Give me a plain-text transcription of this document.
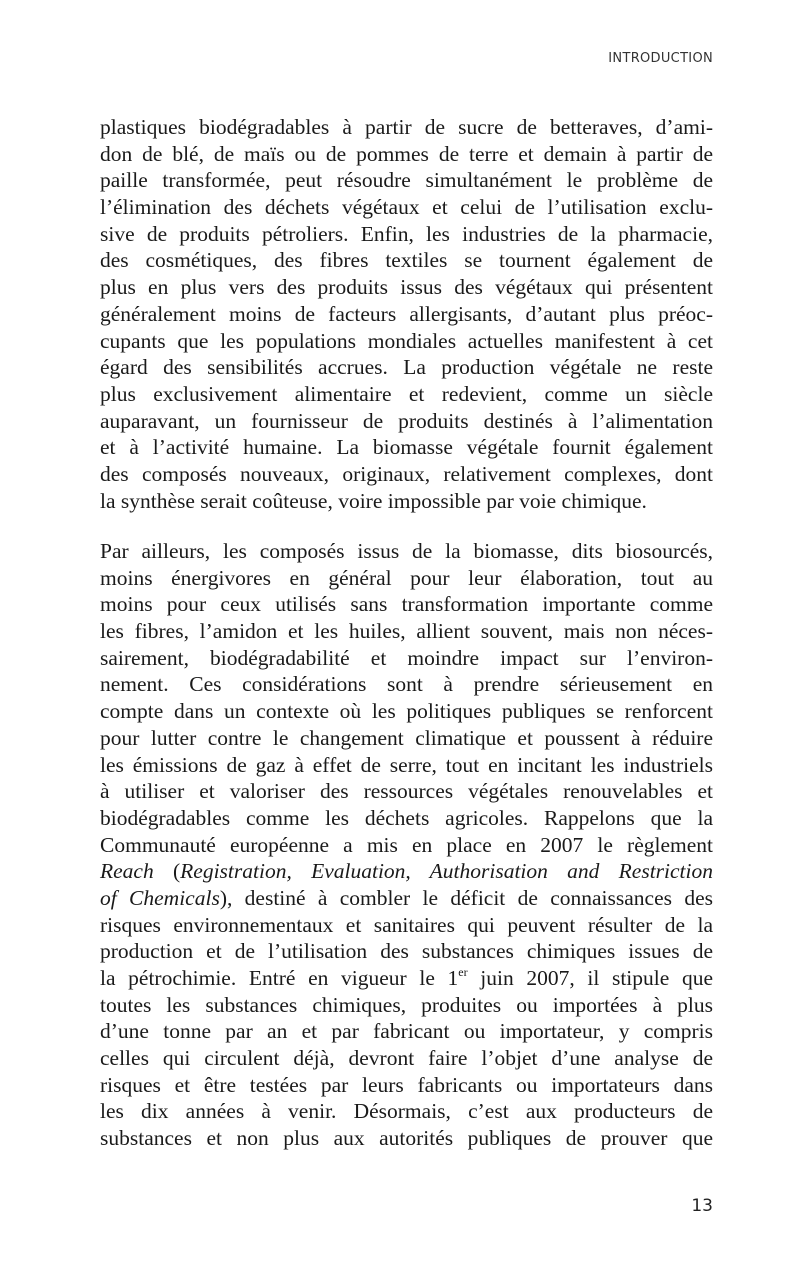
INTRODUCTION
plastiques biodégradables à partir de sucre de betteraves, d’ami-
don de blé, de maïs ou de pommes de terre et demain à partir de
paille transformée, peut résoudre simultanément le problème de
l’élimination des déchets végétaux et celui de l’utilisation exclu-
sive de produits pétroliers. Enfin, les industries de la pharmacie,
des cosmétiques, des fibres textiles se tournent également de
plus en plus vers des produits issus des végétaux qui présentent
généralement moins de facteurs allergisants, d’autant plus préoc-
cupants que les populations mondiales actuelles manifestent à cet
égard des sensibilités accrues. La production végétale ne reste
plus exclusivement alimentaire et redevient, comme un siècle
auparavant, un fournisseur de produits destinés à l’alimentation
et à l’activité humaine. La biomasse végétale fournit également
des composés nouveaux, originaux, relativement complexes, dont
la synthèse serait coûteuse, voire impossible par voie chimique.
Par ailleurs, les composés issus de la biomasse, dits biosourcés,
moins énergivores en général pour leur élaboration, tout au
moins pour ceux utilisés sans transformation importante comme
les fibres, l’amidon et les huiles, allient souvent, mais non néces-
sairement, biodégradabilité et moindre impact sur l’environ-
nement. Ces considérations sont à prendre sérieusement en
compte dans un contexte où les politiques publiques se renforcent
pour lutter contre le changement climatique et poussent à réduire
les émissions de gaz à effet de serre, tout en incitant les industriels
à utiliser et valoriser des ressources végétales renouvelables et
biodégradables comme les déchets agricoles. Rappelons que la
Communauté européenne a mis en place en 2007 le règlement
Reach (Registration, Evaluation, Authorisation and Restriction
of Chemicals), destiné à combler le déficit de connaissances des
risques environnementaux et sanitaires qui peuvent résulter de la
production et de l’utilisation des substances chimiques issues de
la pétrochimie. Entré en vigueur le 1er juin 2007, il stipule que
toutes les substances chimiques, produites ou importées à plus
d’une tonne par an et par fabricant ou importateur, y compris
celles qui circulent déjà, devront faire l’objet d’une analyse de
risques et être testées par leurs fabricants ou importateurs dans
les dix années à venir. Désormais, c’est aux producteurs de
substances et non plus aux autorités publiques de prouver que
13
